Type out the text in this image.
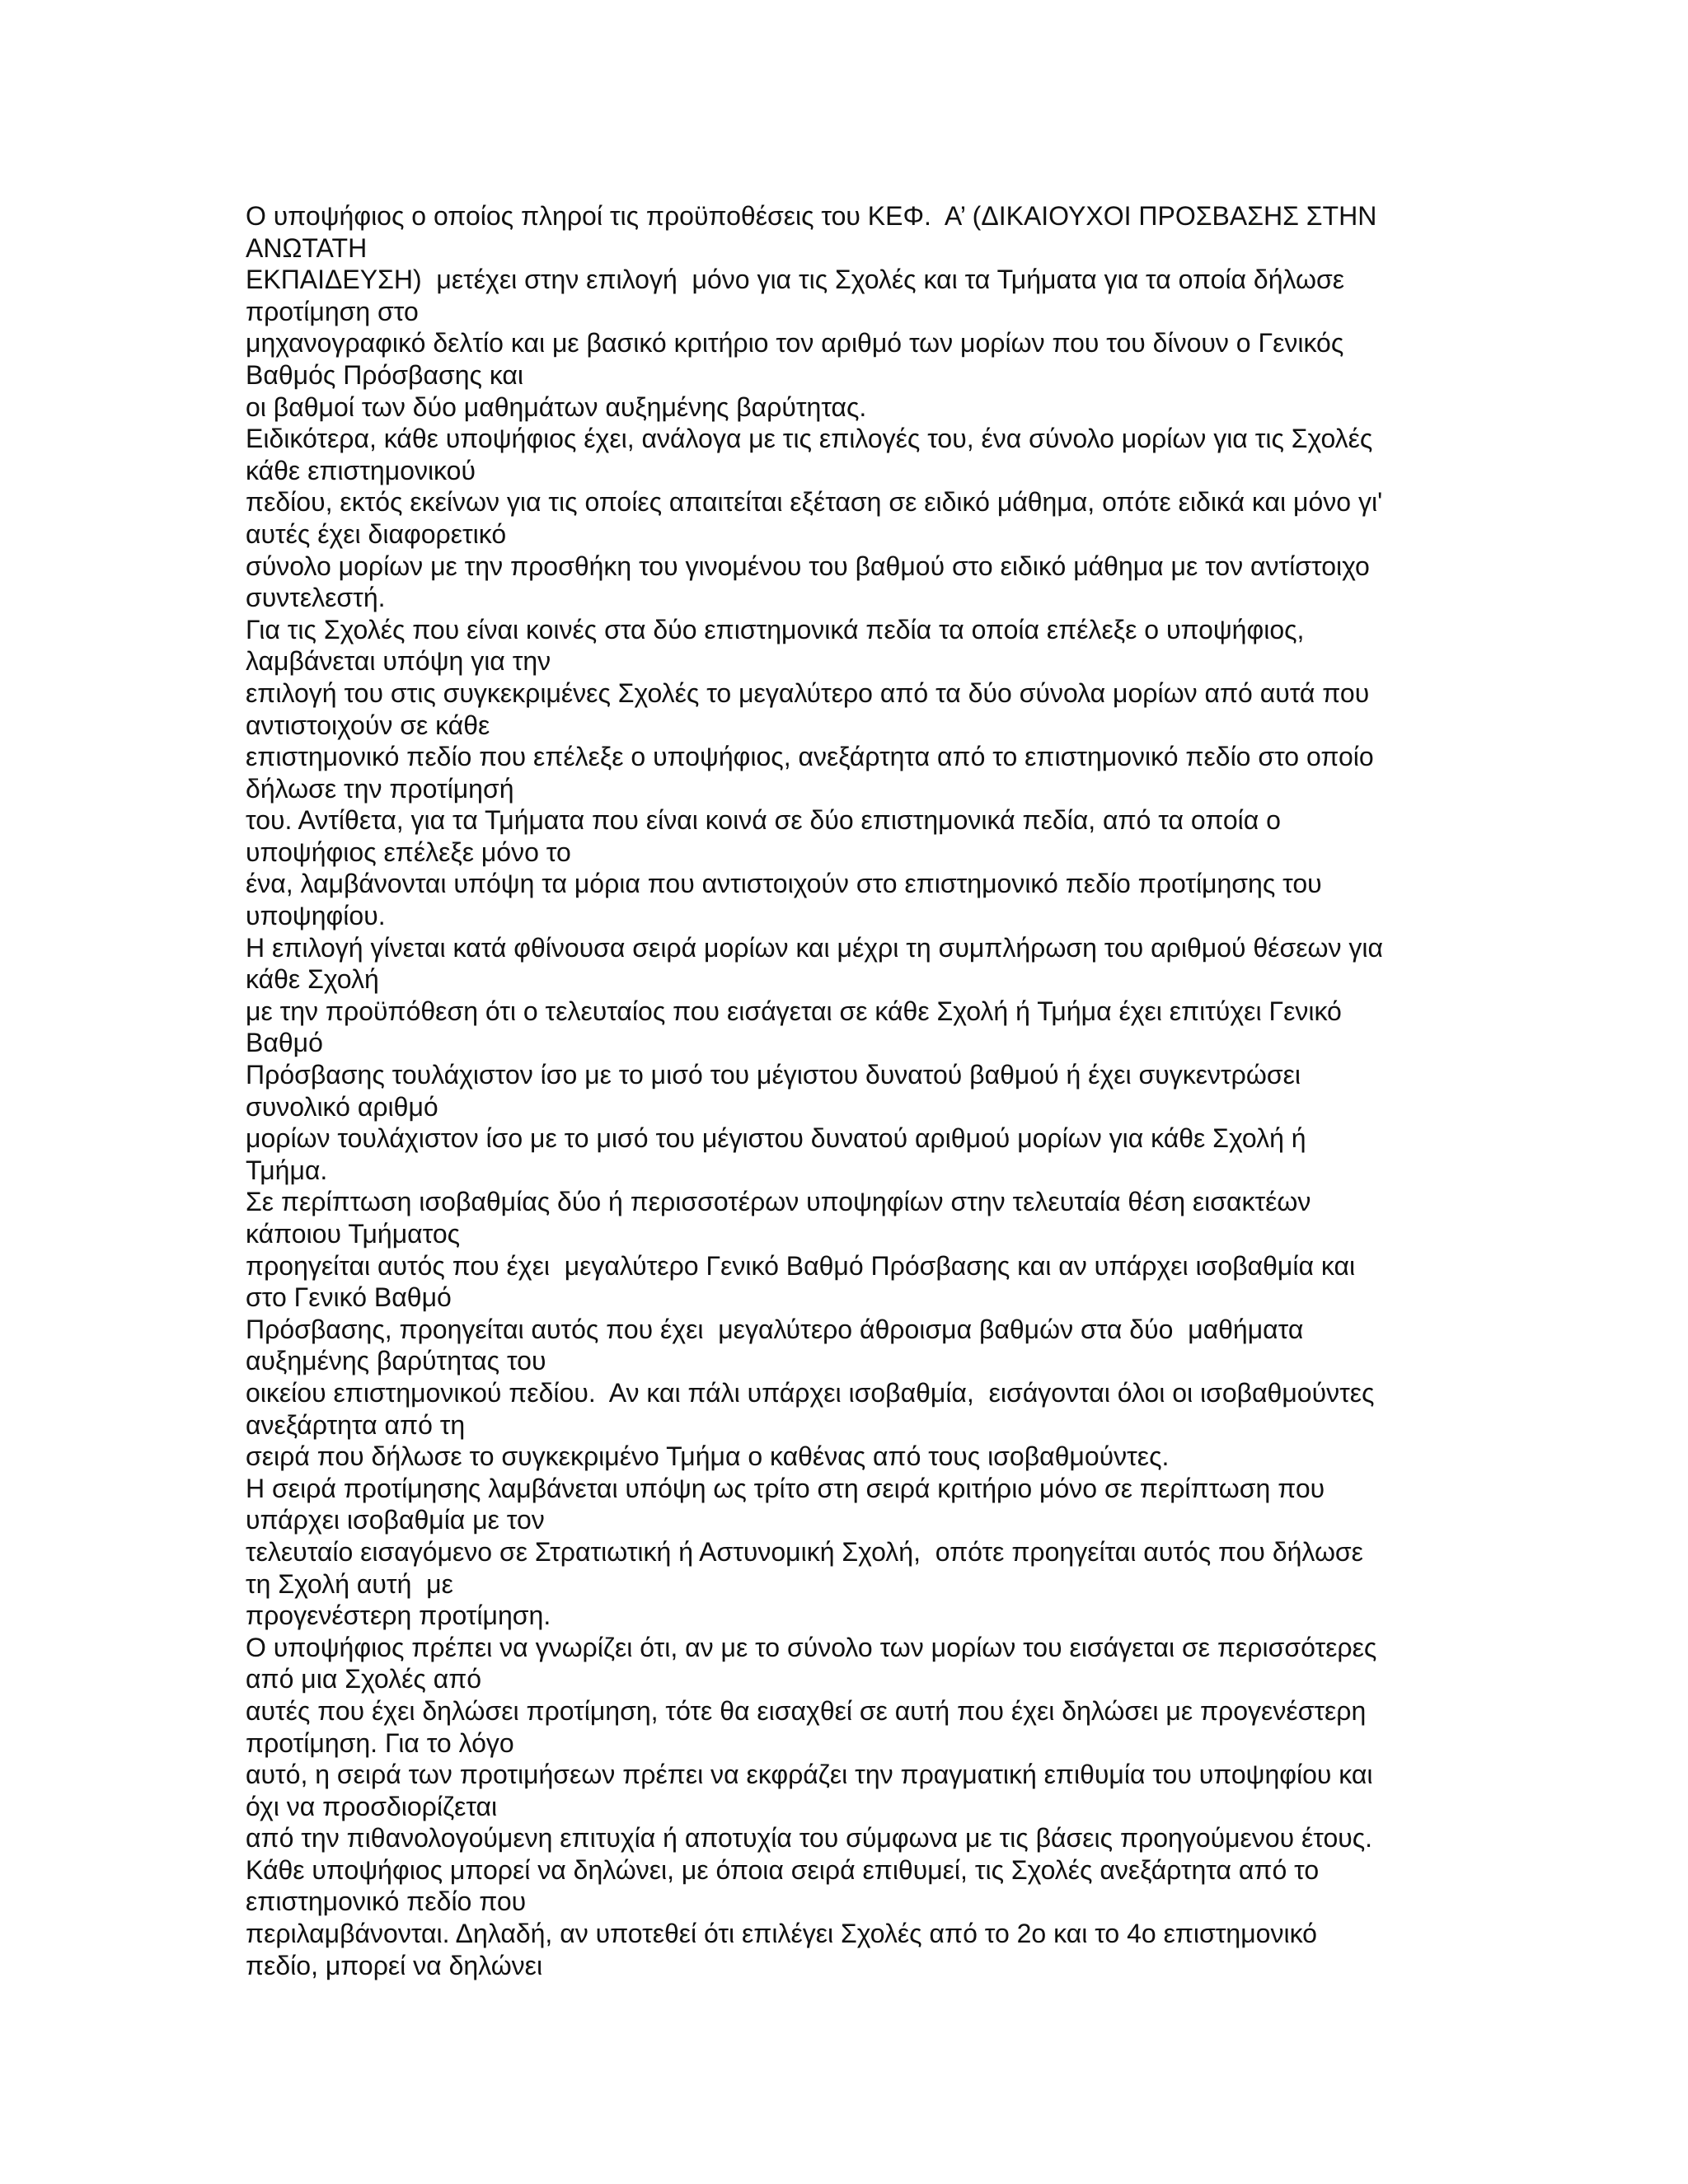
Ο υποψήφιος ο οποίος πληροί τις προϋποθέσεις του ΚΕΦ.  Α’ (ΔΙΚΑΙΟΥΧΟΙ ΠΡΟΣΒΑΣΗΣ ΣΤΗΝ

ΑΝΩΤΑΤΗ

ΕΚΠΑΙΔΕΥΣΗ)  μετέχει στην επιλογή  μόνο για τις Σχολές και τα Τμήματα για τα οποία δήλωσε

προτίμηση στο

μηχανογραφικό δελτίο και με βασικό κριτήριο τον αριθμό των μορίων που του δίνουν ο Γενικός

Βαθμός Πρόσβασης και

οι βαθμοί των δύο μαθημάτων αυξημένης βαρύτητας.

Ειδικότερα, κάθε υποψήφιος έχει, ανάλογα με τις επιλογές του, ένα σύνολο μορίων για τις Σχολές

κάθε επιστημονικού

πεδίου, εκτός εκείνων για τις οποίες απαιτείται εξέταση σε ειδικό μάθημα, οπότε ειδικά και μόνο γι'

αυτές έχει διαφορετικό

σύνολο μορίων με την προσθήκη του γινομένου του βαθμού στο ειδικό μάθημα με τον αντίστοιχο

συντελεστή.

Για τις Σχολές που είναι κοινές στα δύο επιστημονικά πεδία τα οποία επέλεξε ο υποψήφιος,

λαμβάνεται υπόψη για την

επιλογή του στις συγκεκριμένες Σχολές το μεγαλύτερο από τα δύο σύνολα μορίων από αυτά που

αντιστοιχούν σε κάθε

επιστημονικό πεδίο που επέλεξε ο υποψήφιος, ανεξάρτητα από το επιστημονικό πεδίο στο οποίο

δήλωσε την προτίμησή

του. Αντίθετα, για τα Τμήματα που είναι κοινά σε δύο επιστημονικά πεδία, από τα οποία ο

υποψήφιος επέλεξε μόνο το

ένα, λαμβάνονται υπόψη τα μόρια που αντιστοιχούν στο επιστημονικό πεδίο προτίμησης του

υποψηφίου.

Η επιλογή γίνεται κατά φθίνουσα σειρά μορίων και μέχρι τη συμπλήρωση του αριθμού θέσεων για

κάθε Σχολή

με την προϋπόθεση ότι ο τελευταίος που εισάγεται σε κάθε Σχολή ή Τμήμα έχει επιτύχει Γενικό

Βαθμό

Πρόσβασης τουλάχιστον ίσο με το μισό του μέγιστου δυνατού βαθμού ή έχει συγκεντρώσει

συνολικό αριθμό

μορίων τουλάχιστον ίσο με το μισό του μέγιστου δυνατού αριθμού μορίων για κάθε Σχολή ή

Τμήμα.

Σε περίπτωση ισοβαθμίας δύο ή περισσοτέρων υποψηφίων στην τελευταία θέση εισακτέων

κάποιου Τμήματος

προηγείται αυτός που έχει  μεγαλύτερο Γενικό Βαθμό Πρόσβασης και αν υπάρχει ισοβαθμία και

στο Γενικό Βαθμό

Πρόσβασης, προηγείται αυτός που έχει  μεγαλύτερο άθροισμα βαθμών στα δύο  μαθήματα

αυξημένης βαρύτητας του

οικείου επιστημονικού πεδίου.  Αν και πάλι υπάρχει ισοβαθμία,  εισάγονται όλοι οι ισοβαθμούντες

ανεξάρτητα από τη

σειρά που δήλωσε το συγκεκριμένο Τμήμα ο καθένας από τους ισοβαθμούντες.

Η σειρά προτίμησης λαμβάνεται υπόψη ως τρίτο στη σειρά κριτήριο μόνο σε περίπτωση που

υπάρχει ισοβαθμία με τον

τελευταίο εισαγόμενο σε Στρατιωτική ή Αστυνομική Σχολή,  οπότε προηγείται αυτός που δήλωσε

τη Σχολή αυτή  με

προγενέστερη προτίμηση.

Ο υποψήφιος πρέπει να γνωρίζει ότι, αν με το σύνολο των μορίων του εισάγεται σε περισσότερες

από μια Σχολές από

αυτές που έχει δηλώσει προτίμηση, τότε θα εισαχθεί σε αυτή που έχει δηλώσει με προγενέστερη

προτίμηση. Για το λόγο

αυτό, η σειρά των προτιμήσεων πρέπει να εκφράζει την πραγματική επιθυμία του υποψηφίου και

όχι να προσδιορίζεται

από την πιθανολογούμενη επιτυχία ή αποτυχία του σύμφωνα με τις βάσεις προηγούμενου έτους.

Κάθε υποψήφιος μπορεί να δηλώνει, με όποια σειρά επιθυμεί, τις Σχολές ανεξάρτητα από το

επιστημονικό πεδίο που

περιλαμβάνονται. Δηλαδή, αν υποτεθεί ότι επιλέγει Σχολές από το 2ο και το 4ο επιστημονικό

πεδίο, μπορεί να δηλώνει
